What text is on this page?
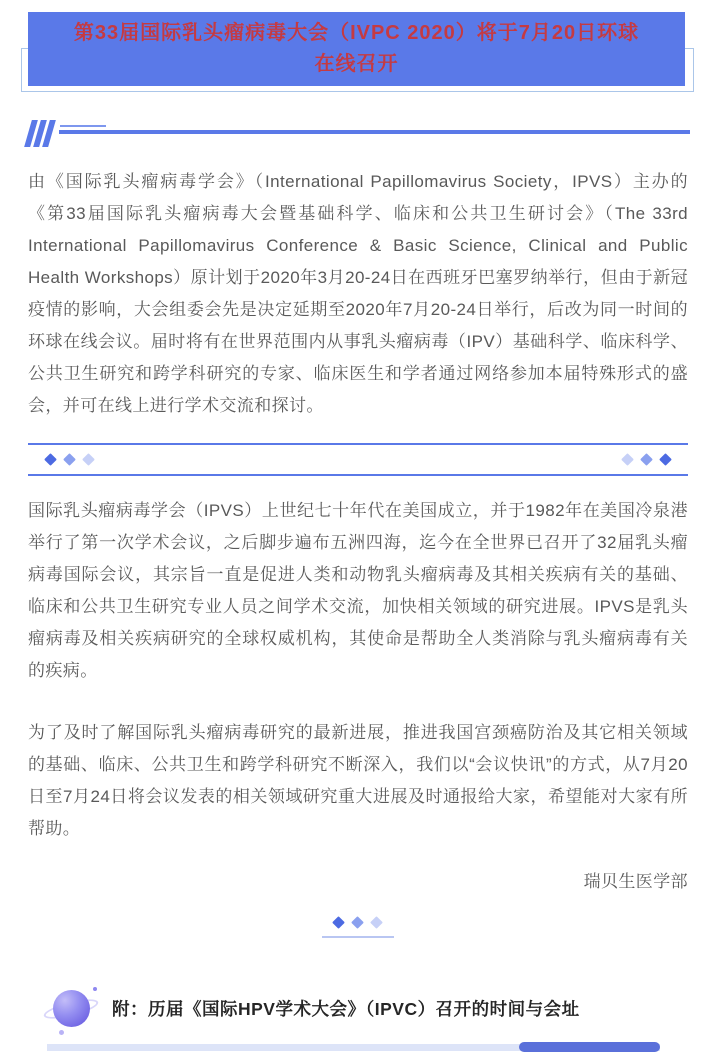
第33届国际乳头瘤病毒大会（IVPC 2020）将于7月20日环球在线召开

由《国际乳头瘤病毒学会》（International Papillomavirus Society，IPVS）主办的《第33届国际乳头瘤病毒大会暨基础科学、临床和公共卫生研讨会》（The 33rd International Papillomavirus Conference & Basic Science, Clinical and Public Health Workshops）原计划于2020年3月20-24日在西班牙巴塞罗纳举行，但由于新冠疫情的影响，大会组委会先是决定延期至2020年7月20-24日举行，后改为同一时间的环球在线会议。届时将有在世界范围内从事乳头瘤病毒（IPV）基础科学、临床科学、公共卫生研究和跨学科研究的专家、临床医生和学者通过网络参加本届特殊形式的盛会，并可在线上进行学术交流和探讨。

国际乳头瘤病毒学会（IPVS）上世纪七十年代在美国成立，并于1982年在美国冷泉港举行了第一次学术会议，之后脚步遍布五洲四海，迄今在全世界已召开了32届乳头瘤病毒国际会议，其宗旨一直是促进人类和动物乳头瘤病毒及其相关疾病有关的基础、临床和公共卫生研究专业人员之间学术交流，加快相关领域的研究进展。IPVS是乳头瘤病毒及相关疾病研究的全球权威机构，其使命是帮助全人类消除与乳头瘤病毒有关的疾病。

为了及时了解国际乳头瘤病毒研究的最新进展，推进我国宫颈癌防治及其它相关领域的基础、临床、公共卫生和跨学科研究不断深入，我们以“会议快讯”的方式，从7月20日至7月24日将会议发表的相关领域研究重大进展及时通报给大家，希望能对大家有所帮助。

瑞贝生医学部
附：历届《国际HPV学术大会》（IPVC）召开的时间与会址
